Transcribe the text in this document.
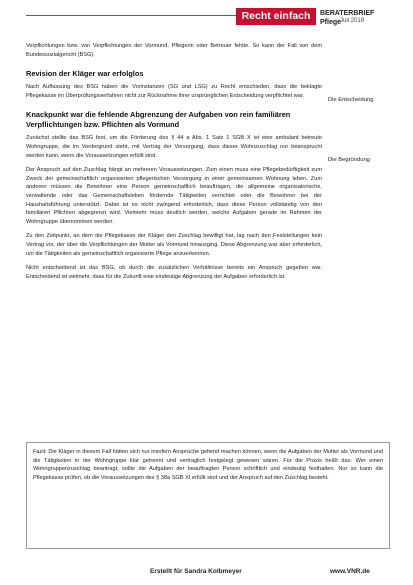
Recht einfach	BERATERBRIEF Pflege
Juli 2019

Verpflichtungen bzw. von Verpflichtungen der Vormund, Pflegerin oder Betreuer fehlte. So kann der Fall von dem Bundessozialgericht (BSG).

Revision der Kläger war erfolglos

Nach Auffassung des BSG haben die Vorinstanzen (SG und LSG) zu Recht entschieden, dass die beklagte Pflegekasse im Überprüfungsverfahren nicht zur Rücknahme ihrer ursprünglichen Entscheidung verpflichtet war.

Knackpunkt war die fehlende Abgrenzung der Aufgaben von rein familiären Verpflichtungen bzw. Pflichten als Vormund

Zunächst stellte das BSG fest, um die Förderung des § 44 a Abs. 1 Satz 1 SGB X ist eine ambulant betreute Wohngruppe, die im Vordergrund steht, mit Vertrag der Versorgung, dass dieser Wohnzuschlag nur beansprucht werden kann, wenn die Voraussetzungen erfüllt sind.

Der Anspruch auf den Zuschlag hängt an mehreren Voraussetzungen. Zum einen muss eine Pflegebedürftigkeit zum Zweck der gemeinschaftlich organisierten pflegerischen Versorgung in einer gemeinsamen Wohnung leben. Zum anderen müssen die Bewohner eine Person gemeinschaftlich beauftragen, die allgemeine organisatorische, verwaltende oder das Gemeinschaftsleben fördernde Tätigkeiten verrichtet oder die Bewohner bei der Haushaltsführung unterstützt. Dabei ist es nicht zwingend erforderlich, dass diese Person vollständig von den familiären Pflichten abgegrenzt wird. Vielmehr muss deutlich werden, welche Aufgaben gerade im Rahmen der Wohngruppe übernommen werden.

Zu den Zeitpunkt, an dem die Pflegekasse der Kläger den Zuschlag bewilligt hat, lag nach den Feststellungen kein Vertrag vor, der über die Verpflichtungen der Mutter als Vormund hinausging. Diese Abgrenzung war aber erforderlich, um die Tätigkeiten als gemeinschaftlich organisierte Pflege anzuerkennen.

Nicht entscheidend ist das BSG, ob durch die zusätzlichen Verhältnisse bereits ein Anspruch gegeben war. Entscheidend ist vielmehr, dass für die Zukunft eine eindeutige Abgrenzung der Aufgaben erforderlich ist.

Die Entscheidung
Die Begründung

Fazit: Die Kläger in diesem Fall hätten sich nur insofern Ansprüche geltend machen können, wenn die Aufgaben der Mutter als Vormund und die Tätigkeiten in der Wohngruppe klar getrennt und vertraglich festgelegt gewesen wären. Für die Praxis heißt das: Wer einen Wohngruppenzuschlag beantragt, sollte die Aufgaben der beauftragten Person schriftlich und eindeutig festhalten. Nur so kann die Pflegekasse prüfen, ob die Voraussetzungen des § 38a SGB XI erfüllt sind und der Anspruch auf den Zuschlag besteht.

Erstellt für Sandra Kolbmeyer	www.VNR.de
